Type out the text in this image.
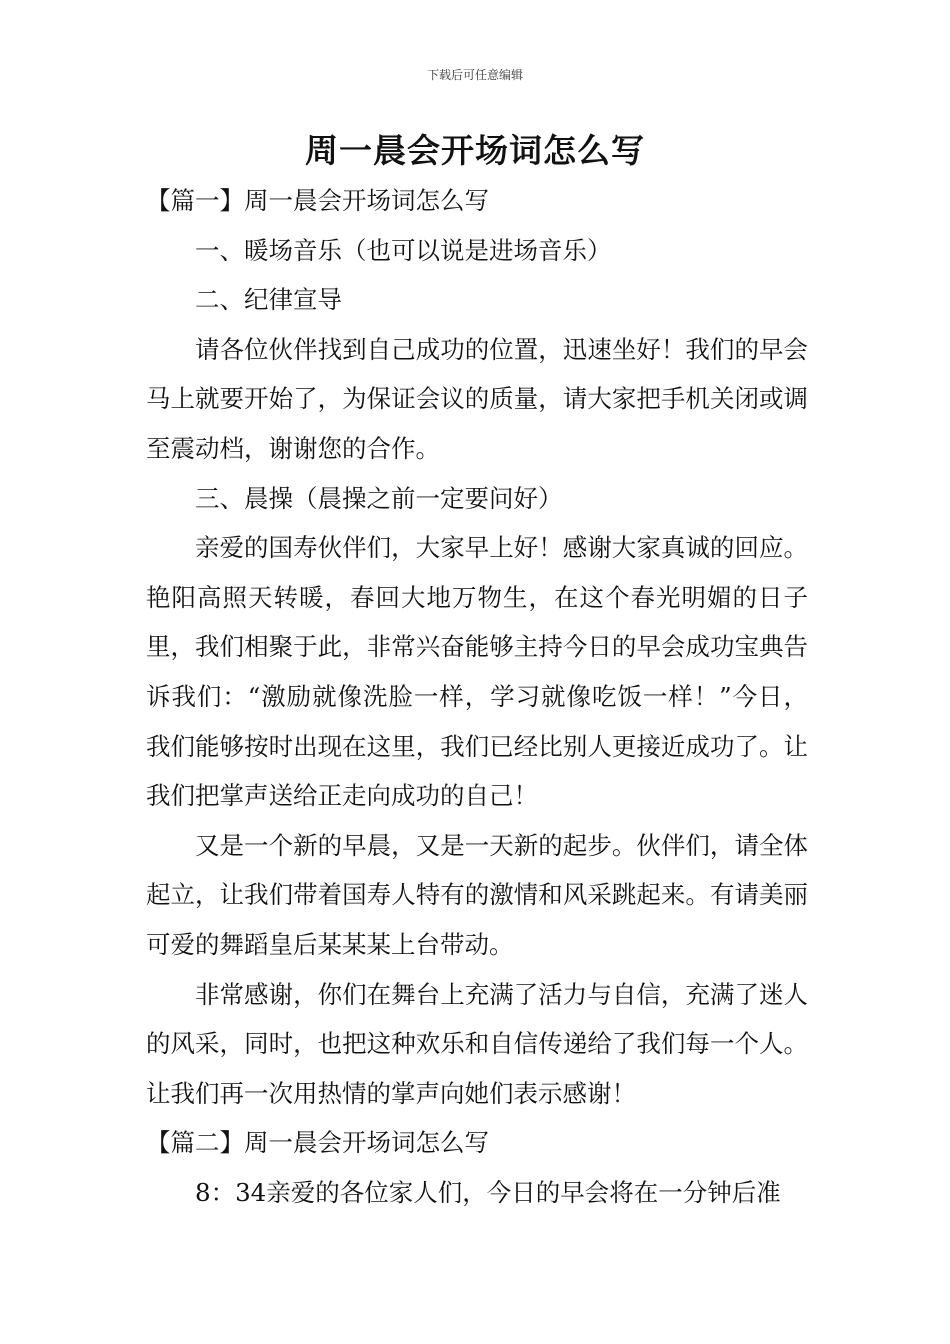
下载后可任意编辑
周一晨会开场词怎么写

【篇一】周一晨会开场词怎么写

一、暖场音乐（也可以说是进场音乐）

二、纪律宣导

请各位伙伴找到自己成功的位置，迅速坐好！我们的早会马上就要开始了，为保证会议的质量，请大家把手机关闭或调至震动档，谢谢您的合作。

三、晨操（晨操之前一定要问好）

亲爱的国寿伙伴们，大家早上好！感谢大家真诚的回应。艳阳高照天转暖，春回大地万物生，在这个春光明媚的日子里，我们相聚于此，非常兴奋能够主持今日的早会成功宝典告诉我们：“激励就像洗脸一样，学习就像吃饭一样！”今日，我们能够按时出现在这里，我们已经比别人更接近成功了。让我们把掌声送给正走向成功的自己！

又是一个新的早晨，又是一天新的起步。伙伴们，请全体起立，让我们带着国寿人特有的激情和风采跳起来。有请美丽可爱的舞蹈皇后某某某上台带动。

非常感谢，你们在舞台上充满了活力与自信，充满了迷人的风采，同时，也把这种欢乐和自信传递给了我们每一个人。让我们再一次用热情的掌声向她们表示感谢！

【篇二】周一晨会开场词怎么写

8：34亲爱的各位家人们，今日的早会将在一分钟后准
